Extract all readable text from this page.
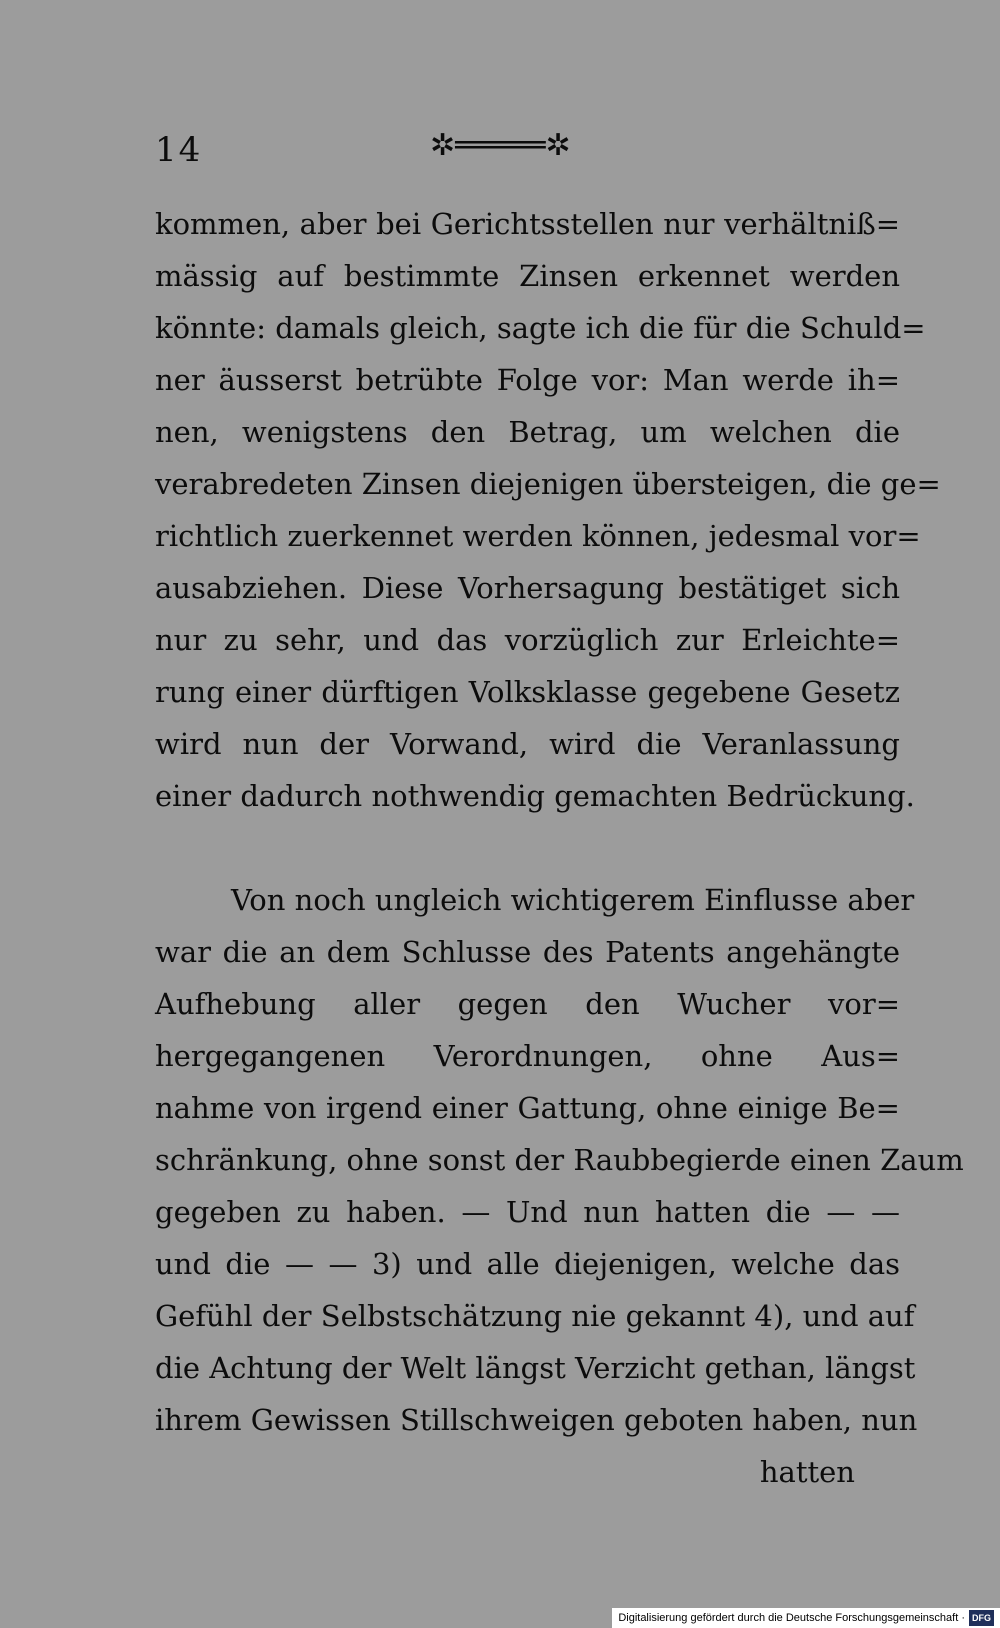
14	✲═════✲
kommen, aber bei Gerichtsstellen nur verhältniß=
mässig auf bestimmte Zinsen erkennet werden
könnte: damals gleich, sagte ich die für die Schuld=
ner äusserst betrübte Folge vor: Man werde ih=
nen, wenigstens den Betrag, um welchen die
verabredeten Zinsen diejenigen übersteigen, die ge=
richtlich zuerkennet werden können, jedesmal vor=
ausabziehen. Diese Vorhersagung bestätiget sich
nur zu sehr, und das vorzüglich zur Erleichte=
rung einer dürftigen Volksklasse gegebene Gesetz
wird nun der Vorwand, wird die Veranlassung
einer dadurch nothwendig gemachten Bedrückung.
Von noch ungleich wichtigerem Einflusse aber
war die an dem Schlusse des Patents angehängte
Aufhebung aller gegen den Wucher vor=
hergegangenen Verordnungen, ohne Aus=
nahme von irgend einer Gattung, ohne einige Be=
schränkung, ohne sonst der Raubbegierde einen Zaum
gegeben zu haben. — Und nun hatten die — —
und die — — 3) und alle diejenigen, welche das
Gefühl der Selbstschätzung nie gekannt 4), und auf
die Achtung der Welt längst Verzicht gethan, längst
ihrem Gewissen Stillschweigen geboten haben, nun
hatten
Digitalisierung gefördert durch die Deutsche Forschungsgemeinschaft · DFG
